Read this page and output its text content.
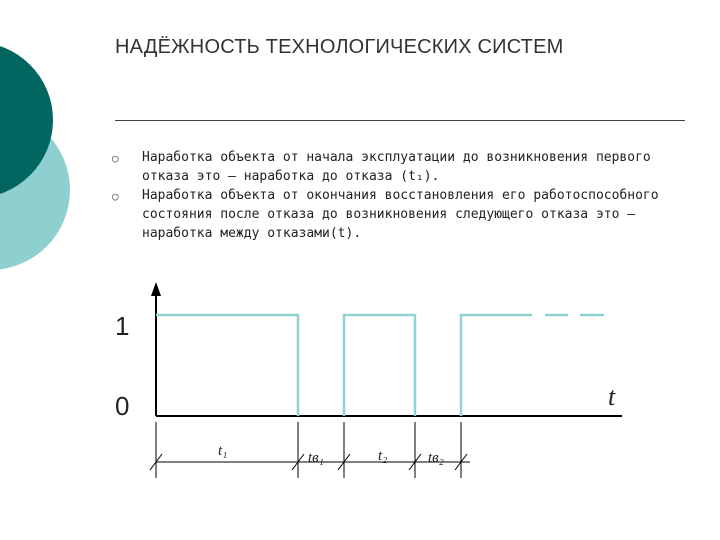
НАДЁЖНОСТЬ ТЕХНОЛОГИЧЕСКИХ СИСТЕМ
○	Наработка объекта от начала эксплуатации до возникновения первого отказа это – наработка до отказа (t₁).
○	Наработка объекта от окончания восстановления его работоспособного состояния после отказа до возникновения следующего отказа это – наработка между отказами(t).
1
0	t
t₁	tв₁	t₂	tв₂
